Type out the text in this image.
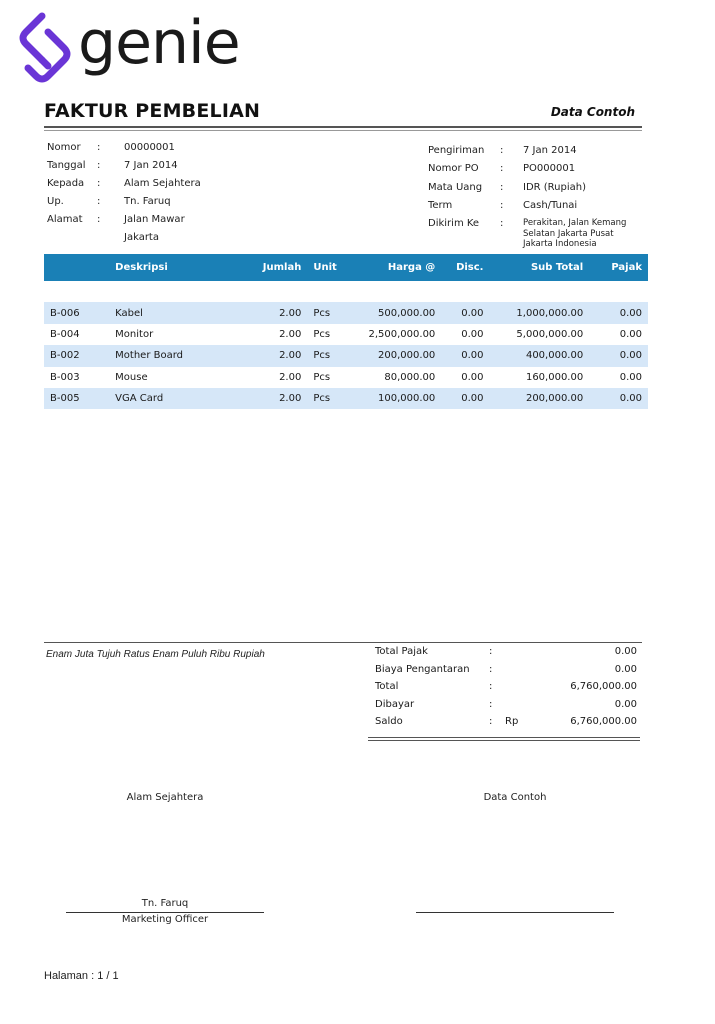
genie
FAKTUR PEMBELIAN	Data Contoh
Nomor : 00000001
Tanggal : 7 Jan 2014
Kepada : Alam Sejahtera
Up.	: Tn. Faruq
Alamat : Jalan Mawar
Jakarta
Pengiriman : 7 Jan 2014
Nomor PO : PO000001
Mata Uang : IDR (Rupiah)
Term	: Cash/Tunai
Dikirim Ke : Perakitan, Jalan Kemang
Selatan Jakarta Pusat
Jakarta Indonesia
	Deskripsi	Jumlah	Unit	Harga @	Disc.	Sub Total	Pajak

B-006	Kabel	2.00	Pcs	500,000.00	0.00	1,000,000.00	0.00
B-004	Monitor	2.00	Pcs	2,500,000.00	0.00	5,000,000.00	0.00
B-002	Mother Board	2.00	Pcs	200,000.00	0.00	400,000.00	0.00
B-003	Mouse	2.00	Pcs	80,000.00	0.00	160,000.00	0.00
B-005	VGA Card	2.00	Pcs	100,000.00	0.00	200,000.00	0.00
Enam Juta Tujuh Ratus Enam Puluh Ribu Rupiah	Total Pajak	:	0.00
Biaya Pengantaran :	0.00
Total	:	6,760,000.00
Dibayar	:	0.00
Saldo	: Rp	6,760,000.00
Alam Sejahtera	Data Contoh
Tn. Faruq
Marketing Officer
Halaman : 1 / 1
